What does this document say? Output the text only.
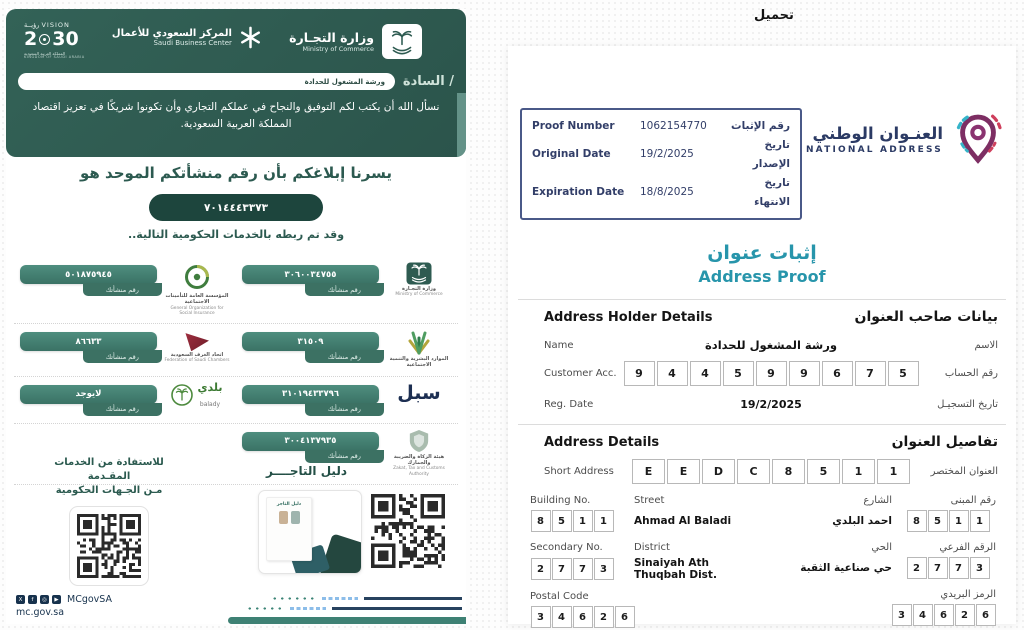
رؤيــة VISION
2 30
المملكة العربية السعودية
KINGDOM OF SAUDI ARABIA
المركز السعودي للأعمال
Saudi Business Center	وزارة التجـارة
Ministry of Commerce
ورشة المشغول للحدادة السادة /
نسأل الله أن يكتب لكم التوفيق والنجاح في عملكم التجاري وأن تكونوا شريكًا في تعزيز اقتصاد المملكة العربية السعودية.
يسرنا إبلاغكم بأن رقم منشأتكم الموحد هو
٧٠١٤٤٤٣٣٧٣
وقد تم ربطه بالخدمات الحكومية التالية..
٥٠١٨٧٥٩٤٥
رقم منشأتك
المؤسسة العامة للتأمينات الاجتماعية
General Organization for Social Insurance
٣٠٦٠٠٣٤٧٥٥
رقم منشأتك	وزارة التجـارة
Ministry of Commerce
٨٦٦٣٣
رقم منشأتك	اتحاد الغرف السعودية
Federation of Saudi Chambers
٣١٥٠٩
رقم منشأتك	الموارد البشرية والتنمية الاجتماعية
لايوجد
رقم منشأتك
بلدي
balady
٣١٠١٩٤٣٣٧٩٦
رقم منشأتك
سبل
٣٠٠٤١٣٧٩٣٥
رقم منشأتك	هيئة الزكاة والضريبة والجمارك
Zakat, Tax and Customs Authority
للاستفادة من الخدمات المقـدمة
مـن الجـهات الحكومية
دليل التاجــــر
دليل التاجر
X
f
◎
▶
MCgovSA
mc.gov.sa
تحميل
Proof Number	1062154770	رقم الإثبات
Original Date	19/2/2025
تاريخ الإصدار
Expiration Date	18/8/2025
تاريخ الانتهاء
العنـوان الوطني
NATIONAL ADDRESS
إثبات عنوان
Address Proof
Address Holder Details	بيانات صاحب العنوان
Name	ورشة المشغول للحدادة	الاسم
Customer Acc.	9	4	4	5	9	9	6	7	5	رقم الحساب
Reg. Date	19/2/2025	تاريخ التسجيـل
Address Details	تفاصيل العنوان
Short Address	E	E	D	C	8	5	1	1	العنوان المختصر
Building No.	Street
8	5	1	1	Ahmad Al Baladi
Secondary No.	District
2	7	7	3	Sinaiyah Ath Thuqbah Dist.
Postal Code
3	4	6	2	6
رقم المبنى
الشارع
8	5	1	1
احمد البلدي
الرقم الفرعي
الحي
2	7	7	3
حي صناعية الثقبة
الرمز البريدي
3	4	6	2	6
